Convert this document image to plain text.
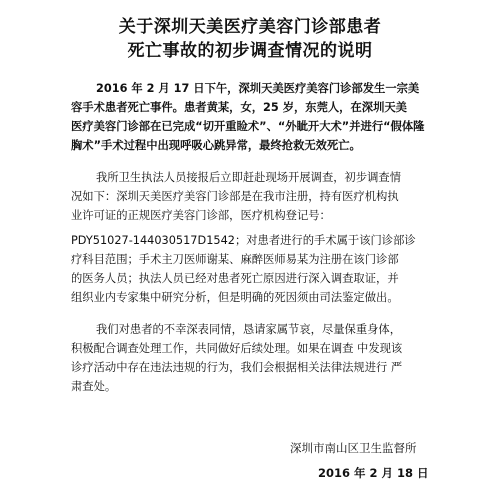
关于深圳天美医疗美容门诊部患者
死亡事故的初步调查情况的说明
2016 年 2 月 17 日下午，深圳天美医疗美容门诊部发生一宗美
容手术患者死亡事件。患者黄某，女，25 岁，东莞人，在深圳天美
医疗美容门诊部在已完成“切开重睑术”、“外眦开大术”并进行“假体隆
胸术”手术过程中出现呼吸心跳异常，最终抢救无效死亡。
我所卫生执法人员接报后立即赶赴现场开展调查，初步调查情
况如下：深圳天美医疗美容门诊部是在我市注册，持有医疗机构执
业许可证的正规医疗美容门诊部，医疗机构登记号：
PDY51027-144030517D1542；对患者进行的手术属于该门诊部诊
疗科目范围；手术主刀医师谢某、麻醉医师易某为注册在该门诊部
的医务人员；执法人员已经对患者死亡原因进行深入调查取证，并
组织业内专家集中研究分析，但是明确的死因须由司法鉴定做出。
我们对患者的不幸深表同情，恳请家属节哀，尽量保重身体，
积极配合调查处理工作，共同做好后续处理。如果在调查 中发现该
诊疗活动中存在违法违规的行为，我们会根据相关法律法规进行 严
肃查处。
深圳市南山区卫生监督所
2016 年 2 月 18 日
